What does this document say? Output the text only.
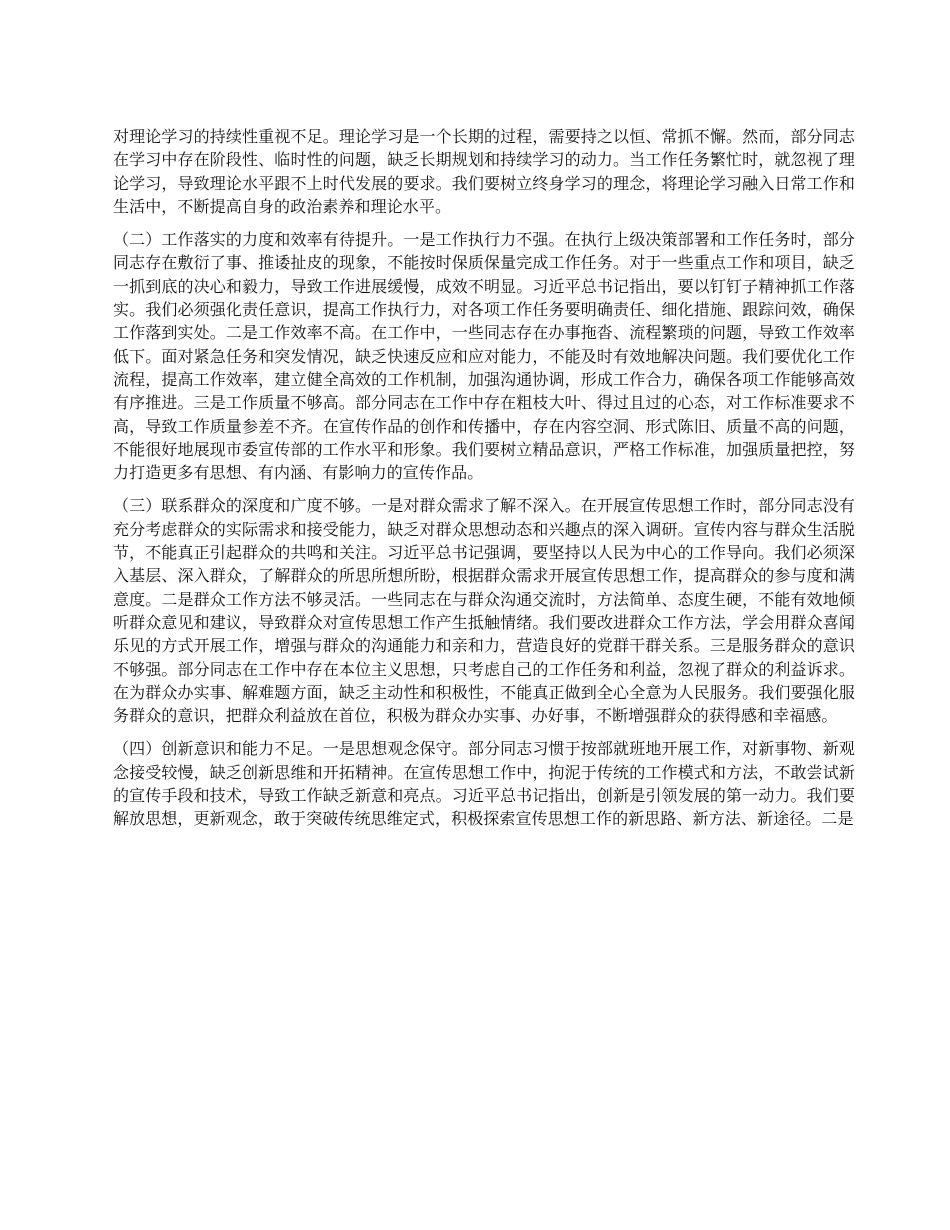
对理论学习的持续性重视不足。理论学习是一个长期的过程，需要持之以恒、常抓不懈。然而，部分同志在学习中存在阶段性、临时性的问题，缺乏长期规划和持续学习的动力。当工作任务繁忙时，就忽视了理论学习，导致理论水平跟不上时代发展的要求。我们要树立终身学习的理念，将理论学习融入日常工作和生活中，不断提高自身的政治素养和理论水平。

（二）工作落实的力度和效率有待提升。一是工作执行力不强。在执行上级决策部署和工作任务时，部分同志存在敷衍了事、推诿扯皮的现象，不能按时保质保量完成工作任务。对于一些重点工作和项目，缺乏一抓到底的决心和毅力，导致工作进展缓慢，成效不明显。习近平总书记指出，要以钉钉子精神抓工作落实。我们必须强化责任意识，提高工作执行力，对各项工作任务要明确责任、细化措施、跟踪问效，确保工作落到实处。二是工作效率不高。在工作中，一些同志存在办事拖沓、流程繁琐的问题，导致工作效率低下。面对紧急任务和突发情况，缺乏快速反应和应对能力，不能及时有效地解决问题。我们要优化工作流程，提高工作效率，建立健全高效的工作机制，加强沟通协调，形成工作合力，确保各项工作能够高效有序推进。三是工作质量不够高。部分同志在工作中存在粗枝大叶、得过且过的心态，对工作标准要求不高，导致工作质量参差不齐。在宣传作品的创作和传播中，存在内容空洞、形式陈旧、质量不高的问题，不能很好地展现市委宣传部的工作水平和形象。我们要树立精品意识，严格工作标准，加强质量把控，努力打造更多有思想、有内涵、有影响力的宣传作品。

（三）联系群众的深度和广度不够。一是对群众需求了解不深入。在开展宣传思想工作时，部分同志没有充分考虑群众的实际需求和接受能力，缺乏对群众思想动态和兴趣点的深入调研。宣传内容与群众生活脱节，不能真正引起群众的共鸣和关注。习近平总书记强调，要坚持以人民为中心的工作导向。我们必须深入基层、深入群众，了解群众的所思所想所盼，根据群众需求开展宣传思想工作，提高群众的参与度和满意度。二是群众工作方法不够灵活。一些同志在与群众沟通交流时，方法简单、态度生硬，不能有效地倾听群众意见和建议，导致群众对宣传思想工作产生抵触情绪。我们要改进群众工作方法，学会用群众喜闻乐见的方式开展工作，增强与群众的沟通能力和亲和力，营造良好的党群干群关系。三是服务群众的意识不够强。部分同志在工作中存在本位主义思想，只考虑自己的工作任务和利益，忽视了群众的利益诉求。在为群众办实事、解难题方面，缺乏主动性和积极性，不能真正做到全心全意为人民服务。我们要强化服务群众的意识，把群众利益放在首位，积极为群众办实事、办好事，不断增强群众的获得感和幸福感。

（四）创新意识和能力不足。一是思想观念保守。部分同志习惯于按部就班地开展工作，对新事物、新观念接受较慢，缺乏创新思维和开拓精神。在宣传思想工作中，拘泥于传统的工作模式和方法，不敢尝试新的宣传手段和技术，导致工作缺乏新意和亮点。习近平总书记指出，创新是引领发展的第一动力。我们要解放思想，更新观念，敢于突破传统思维定式，积极探索宣传思想工作的新思路、新方法、新途径。二是
